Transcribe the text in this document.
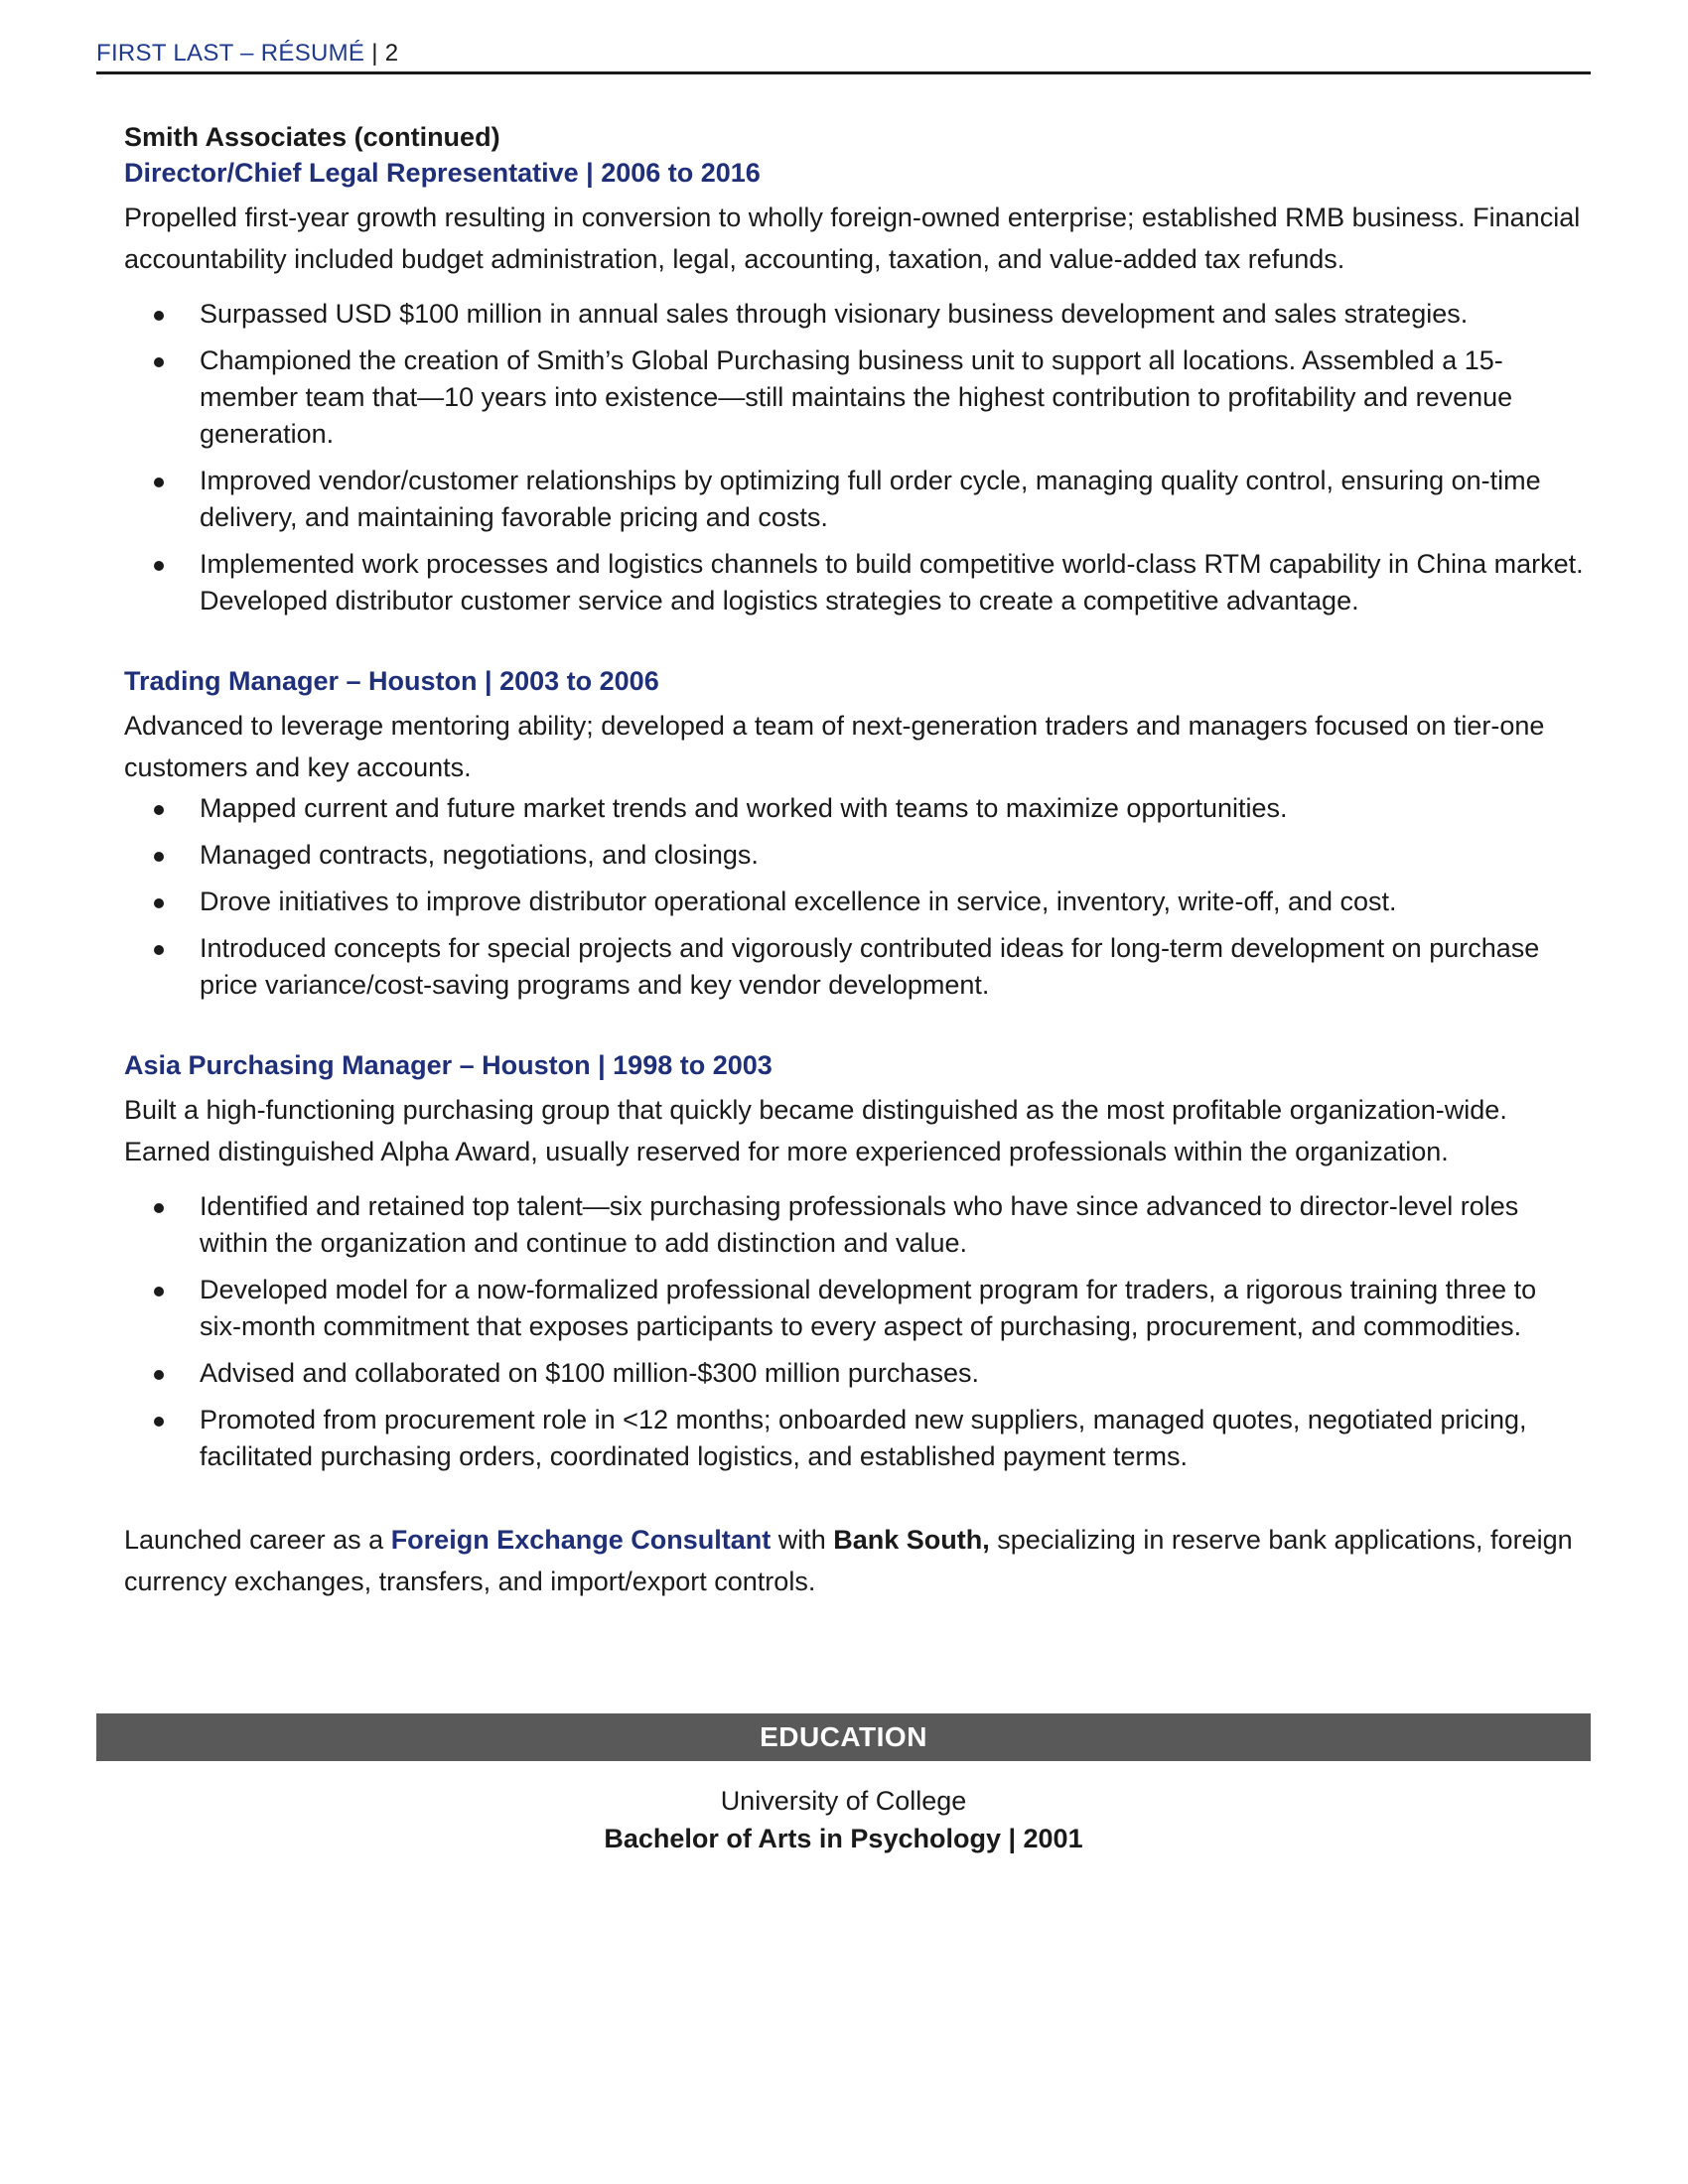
FIRST LAST – RÉSUMÉ | 2

Smith Associates (continued)

Director/Chief Legal Representative | 2006 to 2016

Propelled first-year growth resulting in conversion to wholly foreign-owned enterprise; established RMB business. Financial accountability included budget administration, legal, accounting, taxation, and value-added tax refunds.

Surpassed USD $100 million in annual sales through visionary business development and sales strategies.
Championed the creation of Smith’s Global Purchasing business unit to support all locations. Assembled a 15-member team that—10 years into existence—still maintains the highest contribution to profitability and revenue generation.
Improved vendor/customer relationships by optimizing full order cycle, managing quality control, ensuring on-time delivery, and maintaining favorable pricing and costs.
Implemented work processes and logistics channels to build competitive world-class RTM capability in China market. Developed distributor customer service and logistics strategies to create a competitive advantage.

Trading Manager – Houston | 2003 to 2006

Advanced to leverage mentoring ability; developed a team of next-generation traders and managers focused on tier-one customers and key accounts.

Mapped current and future market trends and worked with teams to maximize opportunities.
Managed contracts, negotiations, and closings.
Drove initiatives to improve distributor operational excellence in service, inventory, write-off, and cost.
Introduced concepts for special projects and vigorously contributed ideas for long-term development on purchase price variance/cost-saving programs and key vendor development.

Asia Purchasing Manager – Houston | 1998 to 2003

Built a high-functioning purchasing group that quickly became distinguished as the most profitable organization-wide. Earned distinguished Alpha Award, usually reserved for more experienced professionals within the organization.

Identified and retained top talent—six purchasing professionals who have since advanced to director-level roles within the organization and continue to add distinction and value.
Developed model for a now-formalized professional development program for traders, a rigorous training three to six-month commitment that exposes participants to every aspect of purchasing, procurement, and commodities.
Advised and collaborated on $100 million-$300 million purchases.
Promoted from procurement role in <12 months; onboarded new suppliers, managed quotes, negotiated pricing, facilitated purchasing orders, coordinated logistics, and established payment terms.

Launched career as a Foreign Exchange Consultant with Bank South, specializing in reserve bank applications, foreign currency exchanges, transfers, and import/export controls.

EDUCATION
University of College
Bachelor of Arts in Psychology | 2001
